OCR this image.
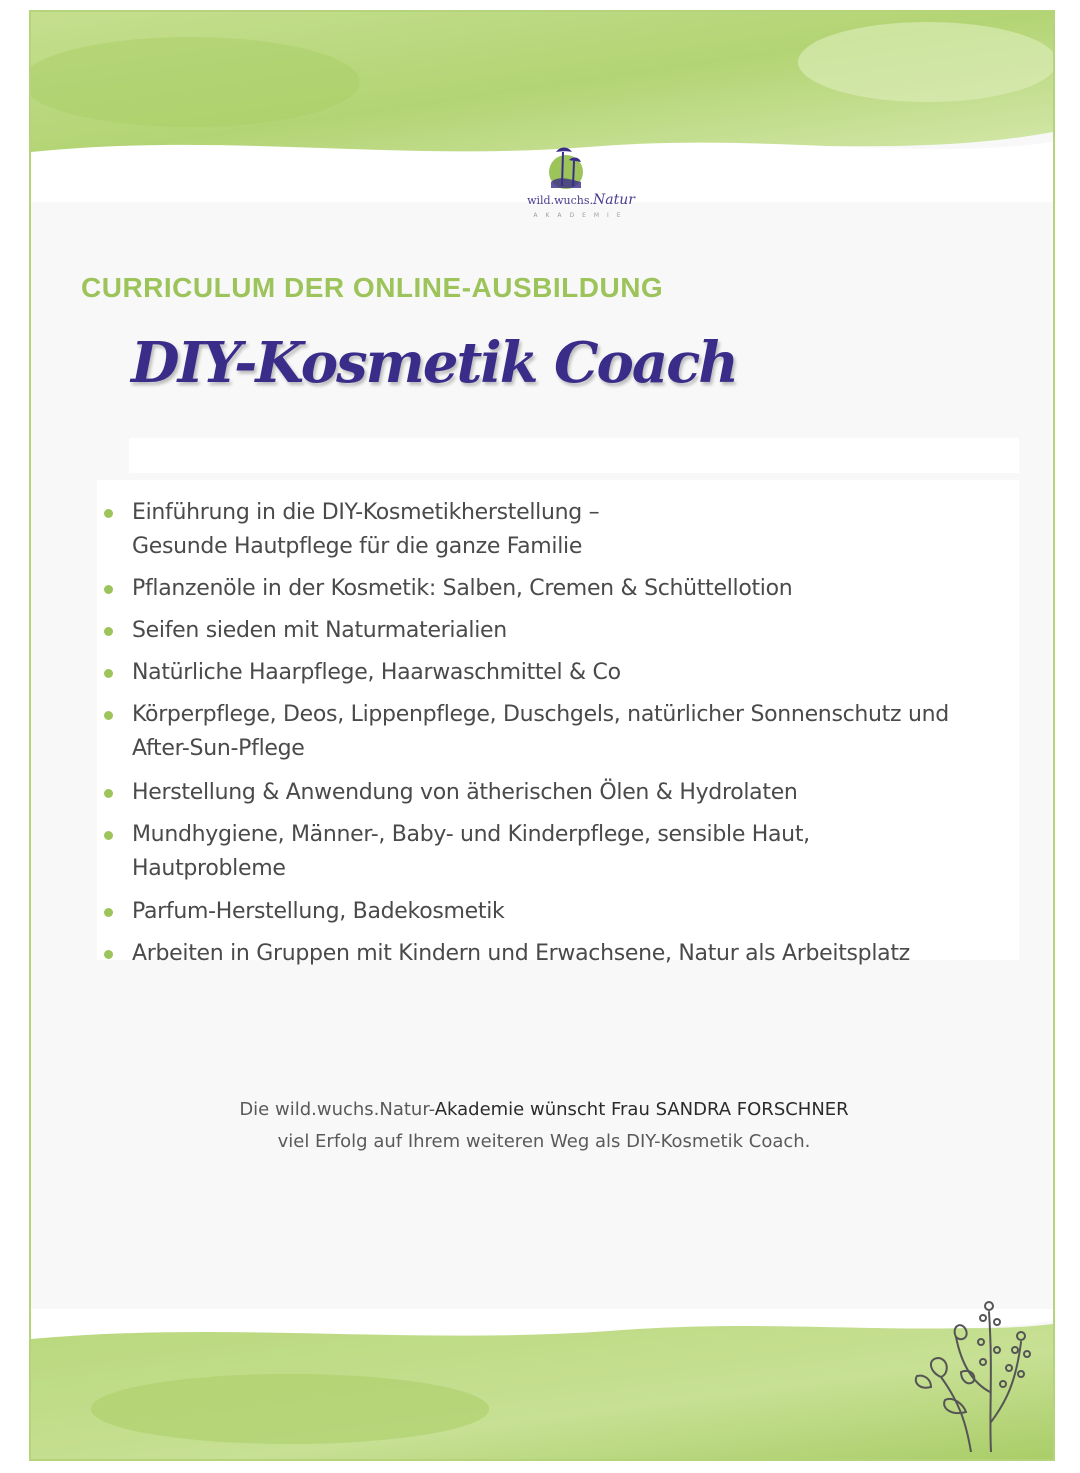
wild.wuchs.Natur
AKADEMIE
CURRICULUM DER ONLINE-AUSBILDUNG
DIY-Kosmetik Coach
Einführung in die DIY-Kosmetikherstellung –
Gesunde Hautpflege für die ganze Familie
Pflanzenöle in der Kosmetik: Salben, Cremen & Schüttellotion
Seifen sieden mit Naturmaterialien
Natürliche Haarpflege, Haarwaschmittel & Co
Körperpflege, Deos, Lippenpflege, Duschgels, natürlicher Sonnenschutz und
After-Sun-Pflege
Herstellung & Anwendung von ätherischen Ölen & Hydrolaten
Mundhygiene, Männer-, Baby- und Kinderpflege, sensible Haut,
Hautprobleme
Parfum-Herstellung, Badekosmetik
Arbeiten in Gruppen mit Kindern und Erwachsene, Natur als Arbeitsplatz
Die wild.wuchs.Natur-Akademie wünscht Frau SANDRA FORSCHNER
viel Erfolg auf Ihrem weiteren Weg als DIY-Kosmetik Coach.
